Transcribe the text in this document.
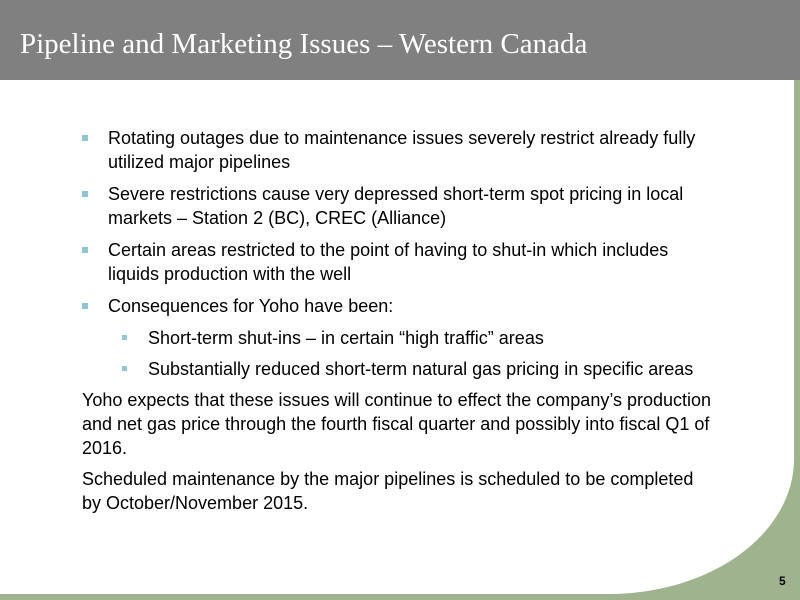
Pipeline and Marketing Issues – Western Canada
Rotating outages due to maintenance issues severely restrict already fully utilized major pipelines
Severe restrictions cause very depressed short-term spot pricing in local markets – Station 2 (BC), CREC (Alliance)
Certain areas restricted to the point of having to shut-in which includes liquids production with the well
Consequences for Yoho have been:
Short-term shut-ins – in certain “high traffic” areas
Substantially reduced short-term natural gas pricing in specific areas

Yoho expects that these issues will continue to effect the company’s production and net gas price through the fourth fiscal quarter and possibly into fiscal Q1 of 2016.

Scheduled maintenance by the major pipelines is scheduled to be completed by October/November 2015.

5
